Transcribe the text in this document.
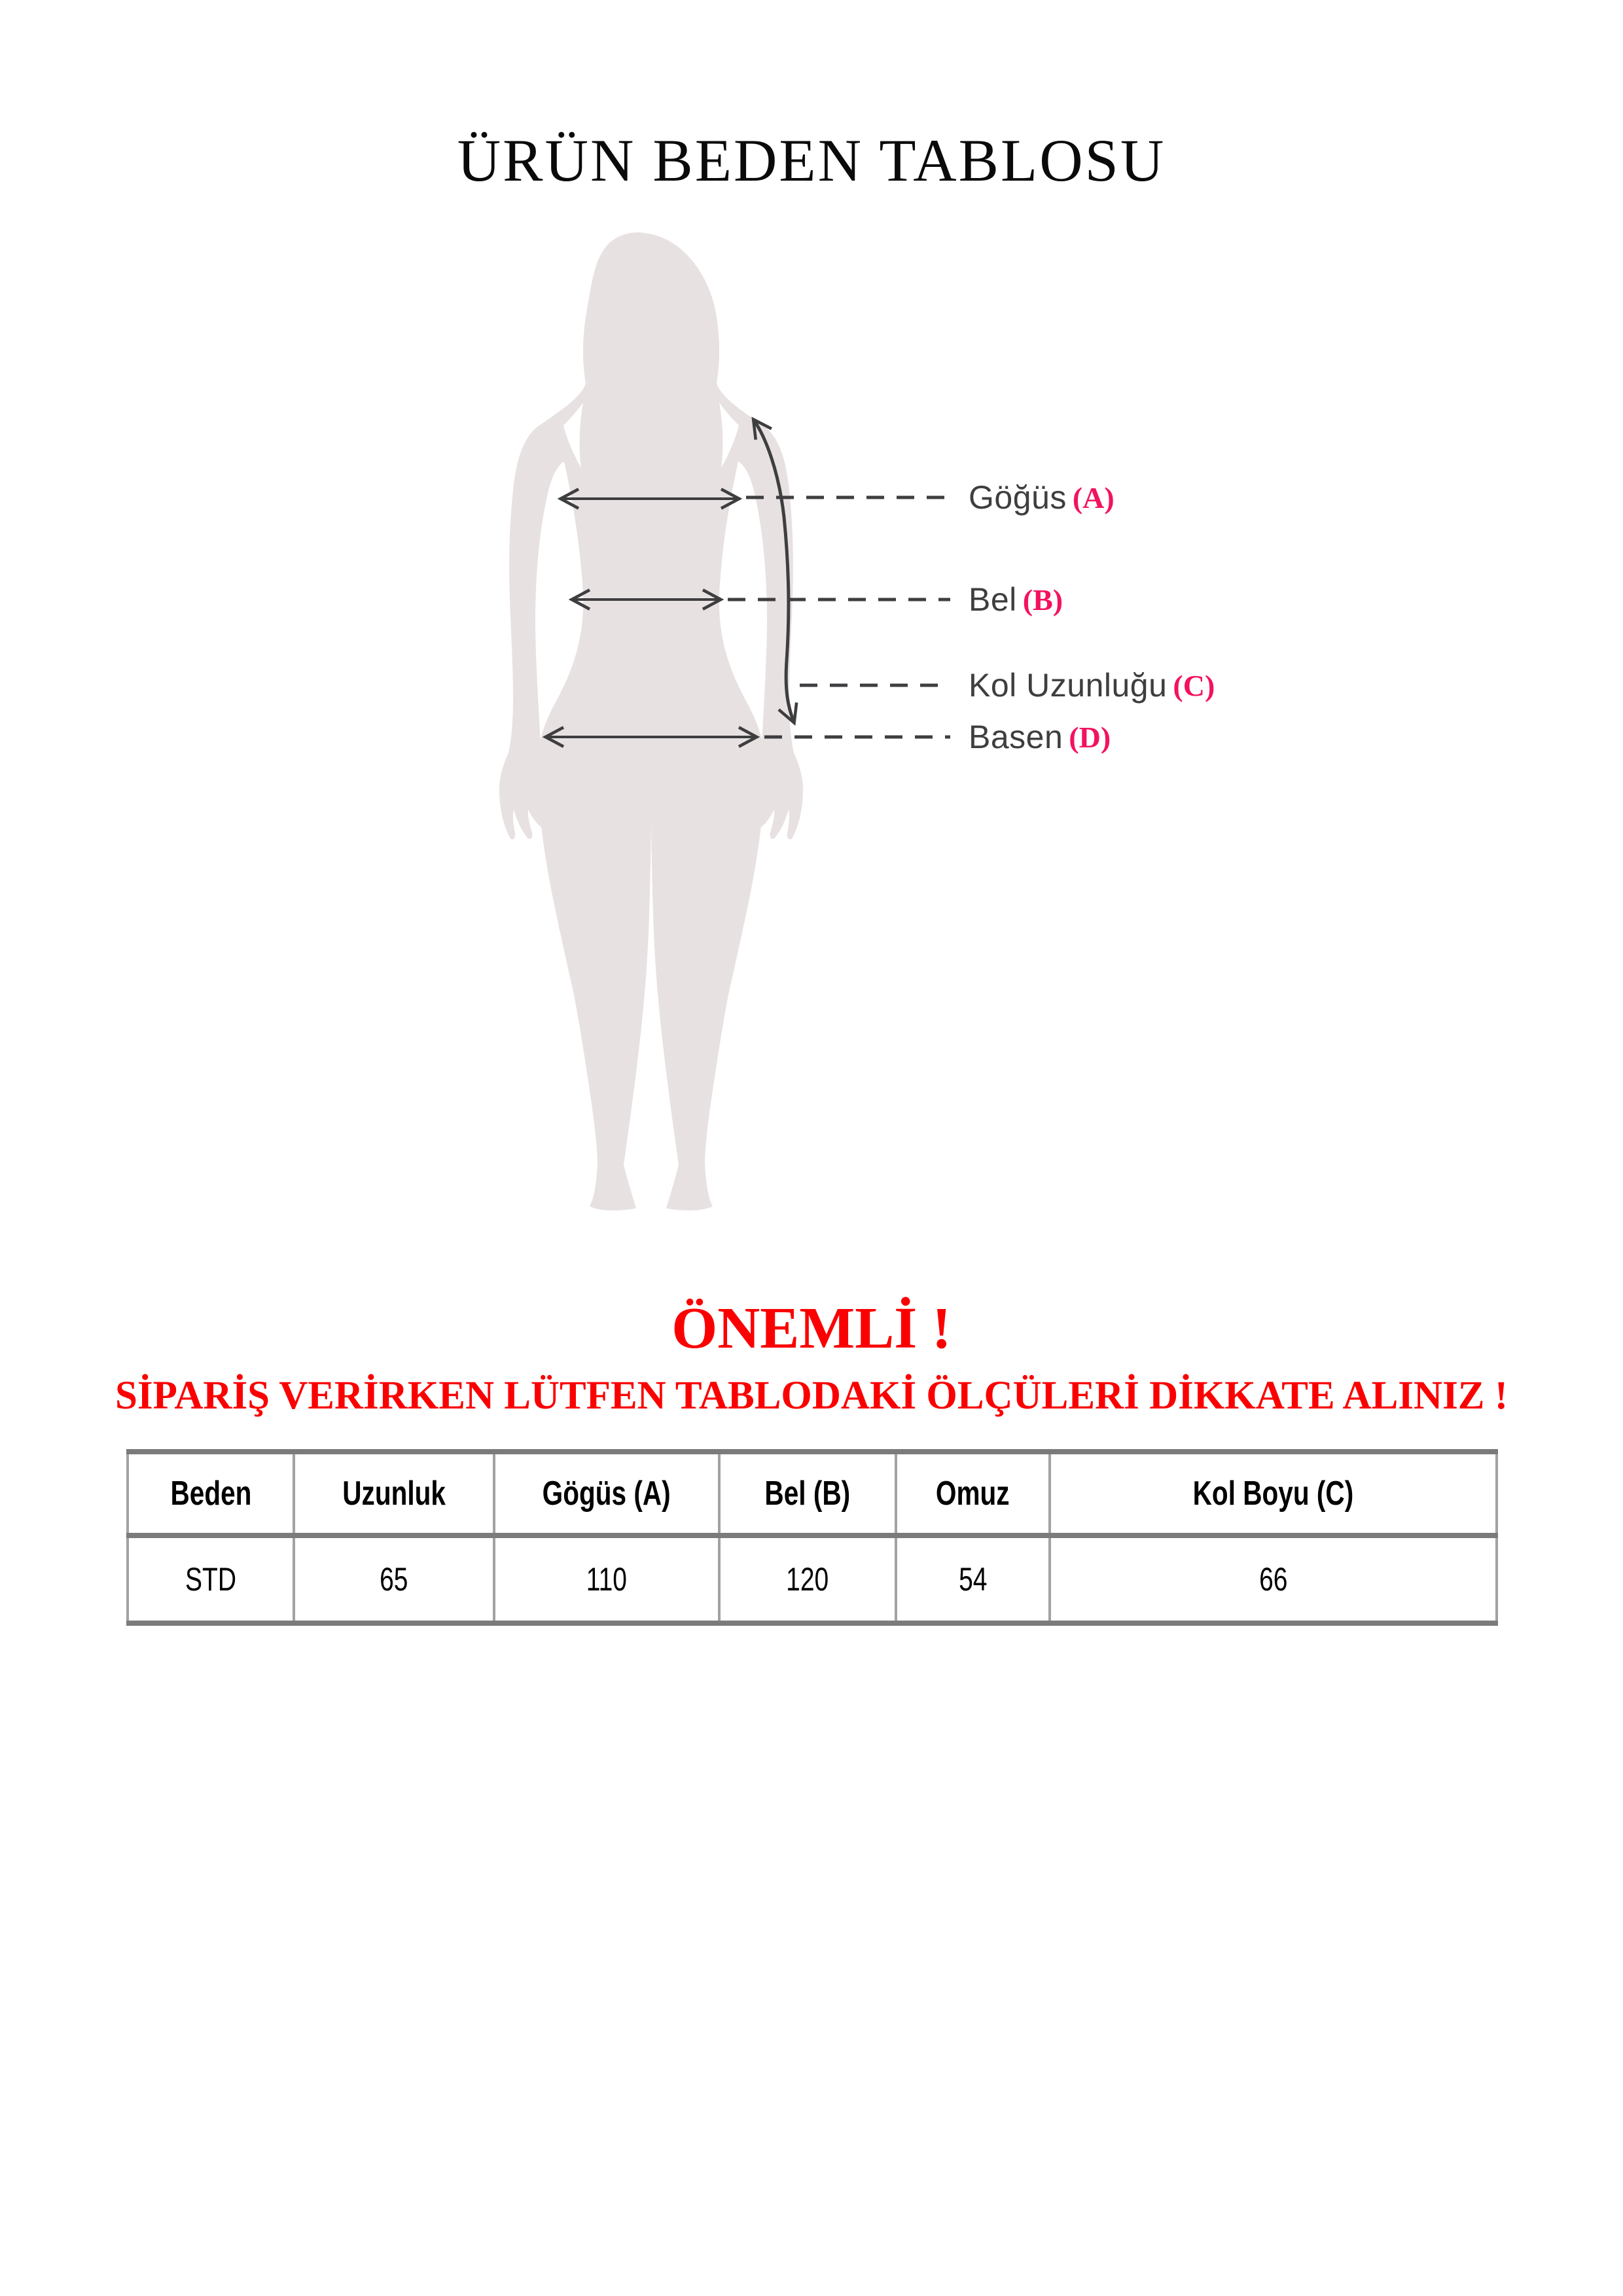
ÜRÜN BEDEN TABLOSU
Göğüs (A)
Bel (B)
Kol Uzunluğu (C)
Basen (D)
ÖNEMLİ !

SİPARİŞ VERİRKEN LÜTFEN TABLODAKİ ÖLÇÜLERİ DİKKATE ALINIZ !

Beden	Uzunluk	Gögüs (A)	Bel (B)	Omuz	Kol Boyu (C)
STD	65	110	120	54	66
